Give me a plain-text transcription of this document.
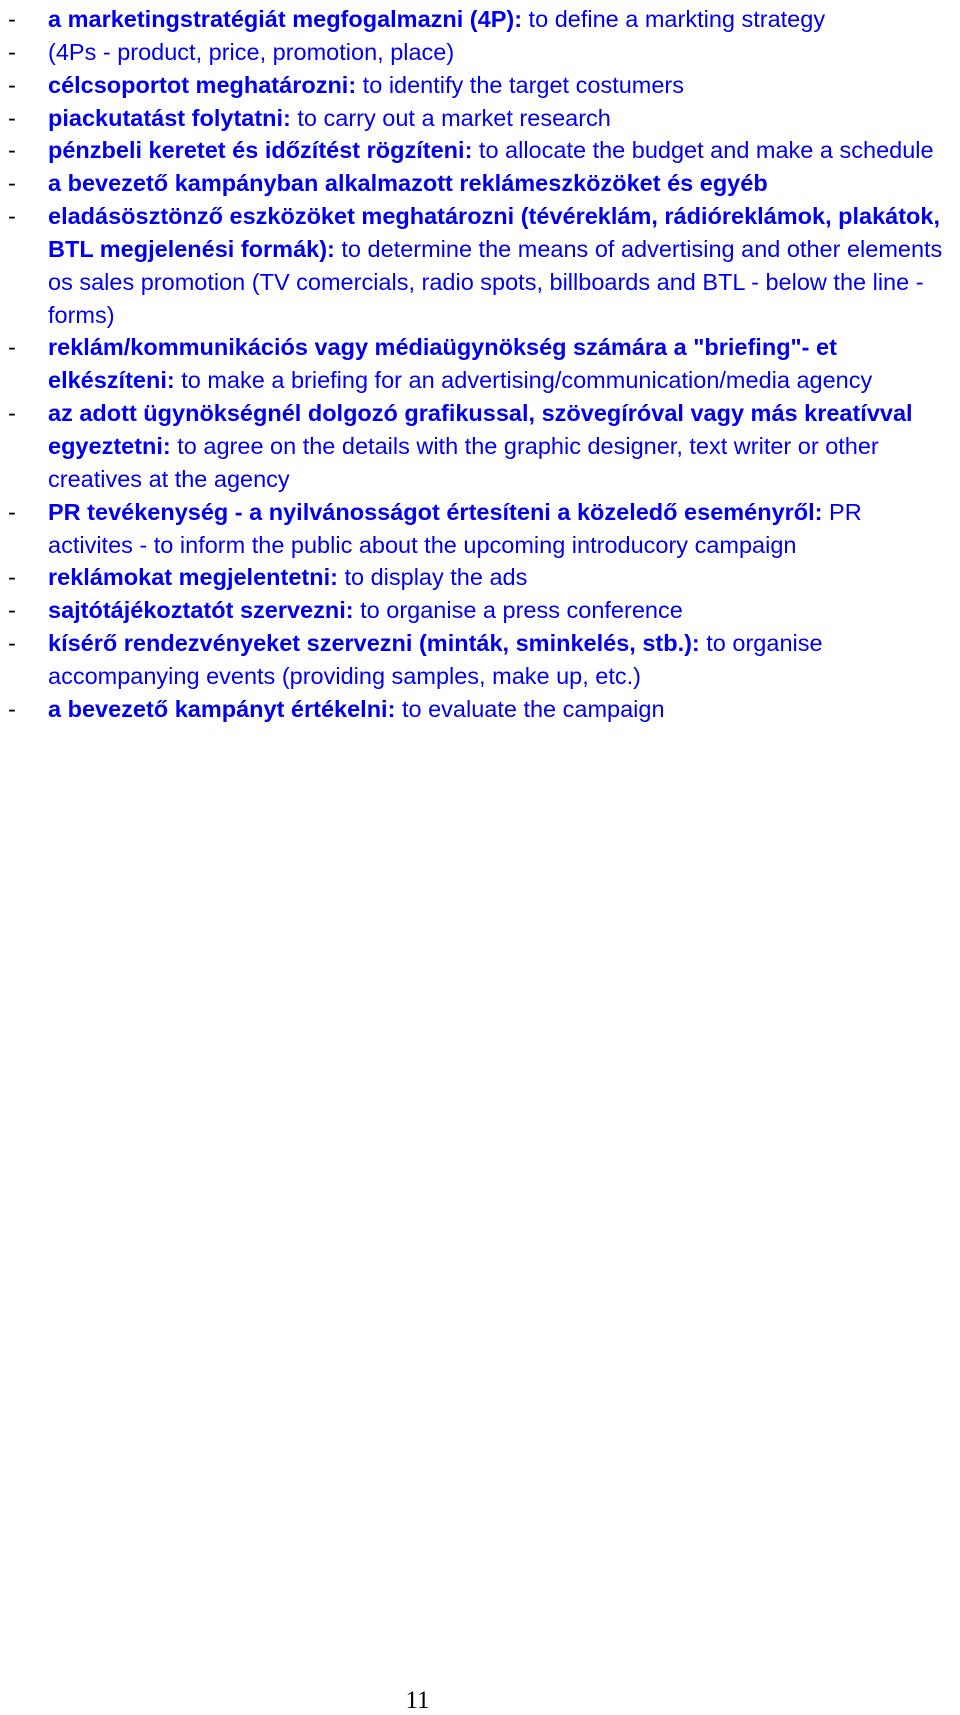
-	a marketingstratégiát megfogalmazni (4P): to define a markting strategy
-	(4Ps - product, price, promotion, place)
-	célcsoportot meghatározni: to identify the target costumers
-	piackutatást folytatni: to carry out a market research
-	pénzbeli keretet és időzítést rögzíteni: to allocate the budget and make a schedule
-	a bevezető kampányban alkalmazott reklámeszközöket és egyéb
-	eladásösztönző eszközöket meghatározni (tévéreklám, rádióreklámok, plakátok, BTL megjelenési formák): to determine the means of advertising and other elements os sales promotion (TV comercials, radio spots, billboards and BTL - below the line -forms)
-	reklám/kommunikációs vagy médiaügynökség számára a "briefing"- et elkészíteni: to make a briefing for an advertising/communication/media agency
-	az adott ügynökségnél dolgozó grafikussal, szövegíróval vagy más kreatívval egyeztetni: to agree on the details with the graphic designer, text writer or other creatives at the agency
-	PR tevékenység - a nyilvánosságot értesíteni a közeledő eseményről: PR activites - to inform the public about the upcoming introducory campaign
-	reklámokat megjelentetni: to display the ads
-	sajtótájékoztatót szervezni: to organise a press conference
-	kísérő rendezvényeket szervezni (minták, sminkelés, stb.): to organise accompanying events (providing samples, make up, etc.)
-	a bevezető kampányt értékelni: to evaluate the campaign
11
